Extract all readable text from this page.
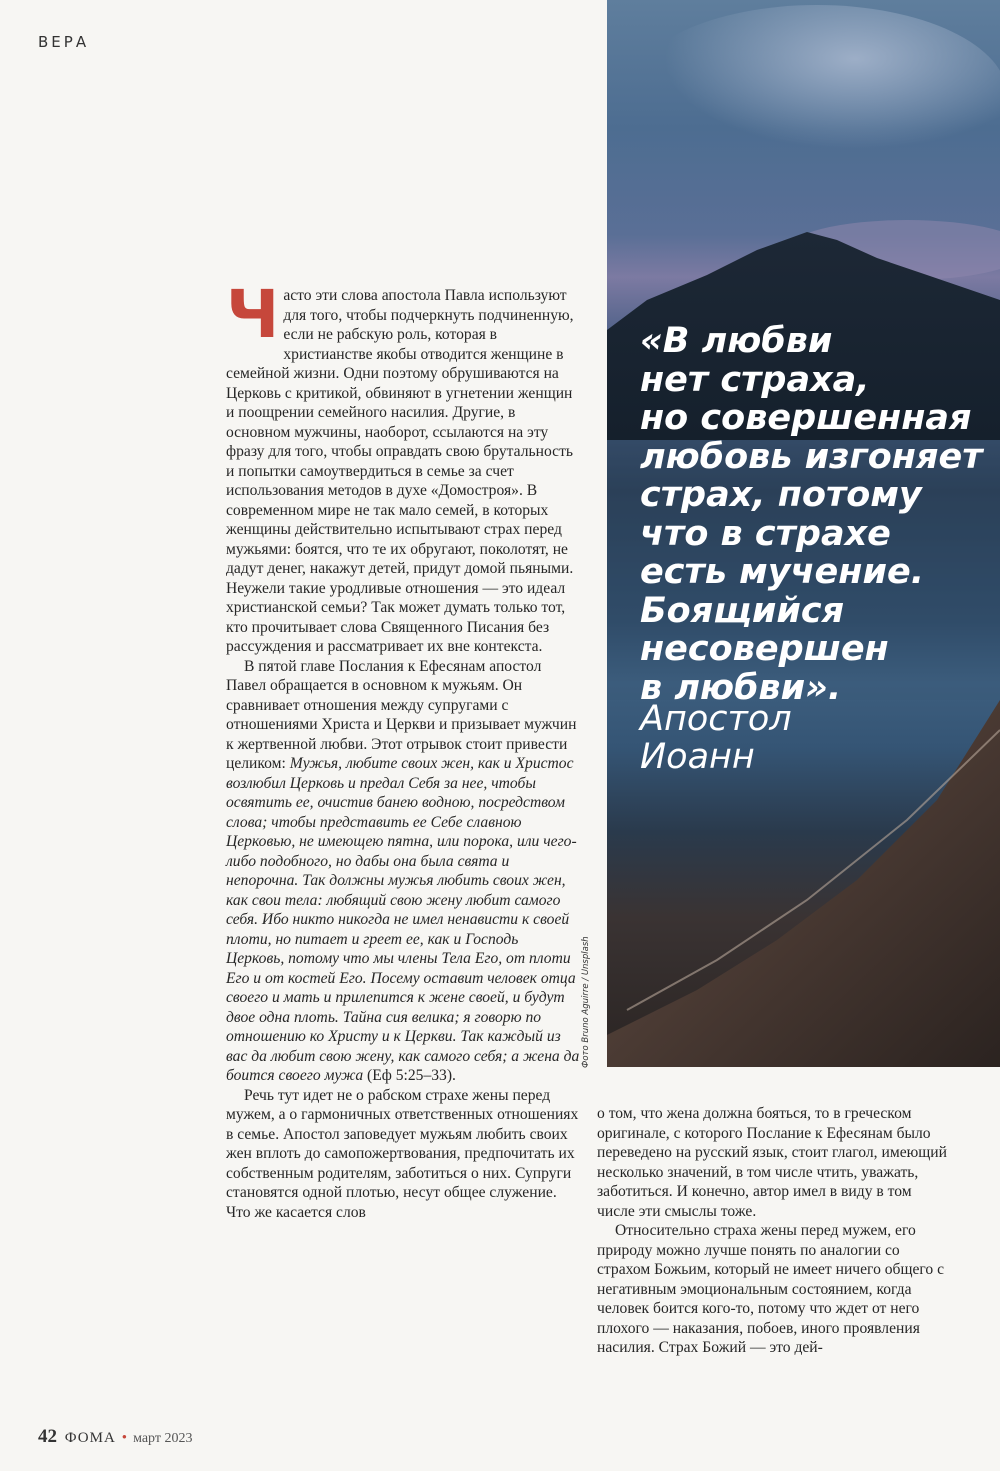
ВЕРА
«В любви
нет страха,
но совершенная
любовь изгоняет
страх, потому
что в страхе
есть мучение.
Боящийся
несовершен
в любви».
Апостол
Иоанн
Фото Bruno Aguirre / Unsplash

Часто эти слова апостола Павла используют для того, чтобы подчеркнуть подчиненную, если не рабскую роль, которая в христианстве якобы отводится женщине в семейной жизни. Одни поэтому обрушиваются на Церковь с критикой, обвиняют в угнетении женщин и поощрении семейного насилия. Другие, в основном мужчины, наоборот, ссылаются на эту фразу для того, чтобы оправдать свою брутальность и попытки самоутвердиться в семье за счет использования методов в духе «Домостроя». В современном мире не так мало семей, в которых женщины действительно испытывают страх перед мужьями: боятся, что те их обругают, поколотят, не дадут денег, накажут детей, придут домой пьяными. Неужели такие уродливые отношения — это идеал христианской семьи? Так может думать только тот, кто прочитывает слова Священного Писания без рассуждения и рассматривает их вне контекста.

В пятой главе Послания к Ефесянам апостол Павел обращается в основном к мужьям. Он сравнивает отношения между супругами с отношениями Христа и Церкви и призывает мужчин к жертвенной любви. Этот отрывок стоит привести целиком: Мужья, любите своих жен, как и Христос возлюбил Церковь и предал Себя за нее, чтобы освятить ее, очистив банею водною, посредством слова; чтобы представить ее Себе славною Церковью, не имеющею пятна, или порока, или чего-либо подобного, но дабы она была свята и непорочна. Так должны мужья любить своих жен, как свои тела: любящий свою жену любит самого себя. Ибо никто никогда не имел ненависти к своей плоти, но питает и греет ее, как и Господь Церковь, потому что мы члены Тела Его, от плоти Его и от костей Его. Посему оставит человек отца своего и мать и прилепится к жене своей, и будут двое одна плоть. Тайна сия велика; я говорю по отношению ко Христу и к Церкви. Так каждый из вас да любит свою жену, как самого себя; а жена да боится своего мужа (Еф 5:25–33).

Речь тут идет не о рабском страхе жены перед мужем, а о гармоничных ответственных отношениях в семье. Апостол заповедует мужьям любить своих жен вплоть до самопожертвования, предпочитать их собственным родителям, заботиться о них. Супруги становятся одной плотью, несут общее служение. Что же касается слов

о том, что жена должна бояться, то в греческом оригинале, с которого Послание к Ефесянам было переведено на русский язык, стоит глагол, имеющий несколько значений, в том числе чтить, уважать, заботиться. И конечно, автор имел в виду в том числе эти смыслы тоже.

Относительно страха жены перед мужем, его природу можно лучше понять по аналогии со страхом Божьим, который не имеет ничего общего с негативным эмоциональным состоянием, когда человек боится кого-то, потому что ждет от него плохого — наказания, побоев, иного проявления насилия. Страх Божий — это дей-

42 ФОМА • март 2023
